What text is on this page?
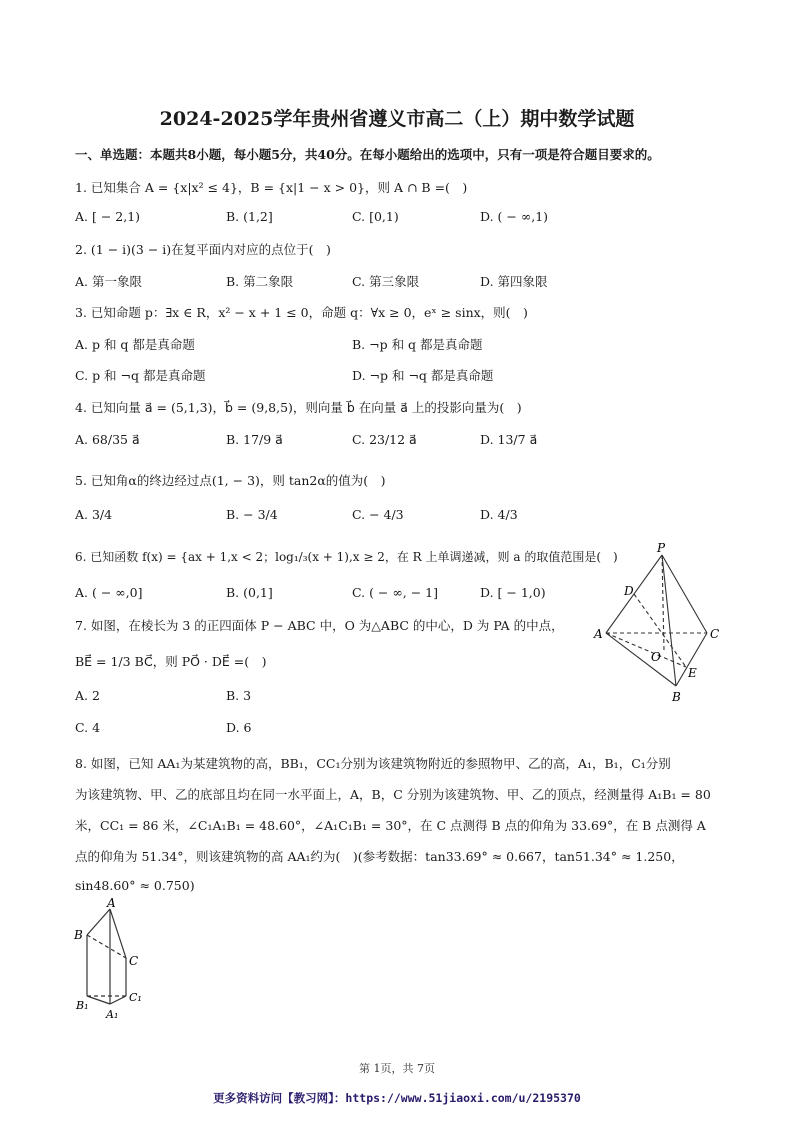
2024-2025学年贵州省遵义市高二（上）期中数学试题
一、单选题：本题共8小题，每小题5分，共40分。在每小题给出的选项中，只有一项是符合题目要求的。
1. 已知集合 A = {x|x² ≤ 4}，B = {x|1 − x > 0}，则 A ∩ B =(　)
A. [ − 2,1)	B. (1,2]	C. [0,1)	D. ( − ∞,1)
2. (1 − i)(3 − i)在复平面内对应的点位于(　)
A. 第一象限	B. 第二象限	C. 第三象限	D. 第四象限
3. 已知命题 p：∃x ∈ R，x² − x + 1 ≤ 0，命题 q：∀x ≥ 0，eˣ ≥ sinx，则(　)
A. p 和 q 都是真命题	B. ¬p 和 q 都是真命题
C. p 和 ¬q 都是真命题	D. ¬p 和 ¬q 都是真命题
4. 已知向量 a⃗ = (5,1,3)，b⃗ = (9,8,5)，则向量 b⃗ 在向量 a⃗ 上的投影向量为(　)
A. 68/35 a⃗	B. 17/9 a⃗	C. 23/12 a⃗	D. 13/7 a⃗
5. 已知角α的终边经过点(1, − 3)，则 tan2α的值为(　)
A. 3/4	B. − 3/4	C. − 4/3	D. 4/3
6. 已知函数 f(x) = {ax + 1,x < 2；log₁/₃(x + 1),x ≥ 2，在 R 上单调递减，则 a 的取值范围是(　)
A. ( − ∞,0]	B. (0,1]	C. ( − ∞, − 1]	D. [ − 1,0)
7. 如图，在棱长为 3 的正四面体 P − ABC 中，O 为△ABC 的中心，D 为 PA 的中点，
BE⃗ = 1/3 BC⃗，则 PO⃗ · DE⃗ =(　)
A. 2	B. 3
C. 4	D. 6
P
A	C
B
D
E
O
8. 如图，已知 AA₁为某建筑物的高，BB₁，CC₁分别为该建筑物附近的参照物甲、乙的高，A₁，B₁，C₁分别
为该建筑物、甲、乙的底部且均在同一水平面上，A，B，C 分别为该建筑物、甲、乙的顶点，经测量得 A₁B₁ = 80
米，CC₁ = 86 米，∠C₁A₁B₁ = 48.60°，∠A₁C₁B₁ = 30°，在 C 点测得 B 点的仰角为 33.69°，在 B 点测得 A
点的仰角为 51.34°，则该建筑物的高 AA₁约为(　)(参考数据：tan33.69° ≈ 0.667，tan51.34° ≈ 1.250，
sin48.60° ≈ 0.750)
A
B
C
B₁
A₁
C₁
第 1页，共 7页
更多资料访问【教习网】：https://www.51jiaoxi.com/u/2195370
